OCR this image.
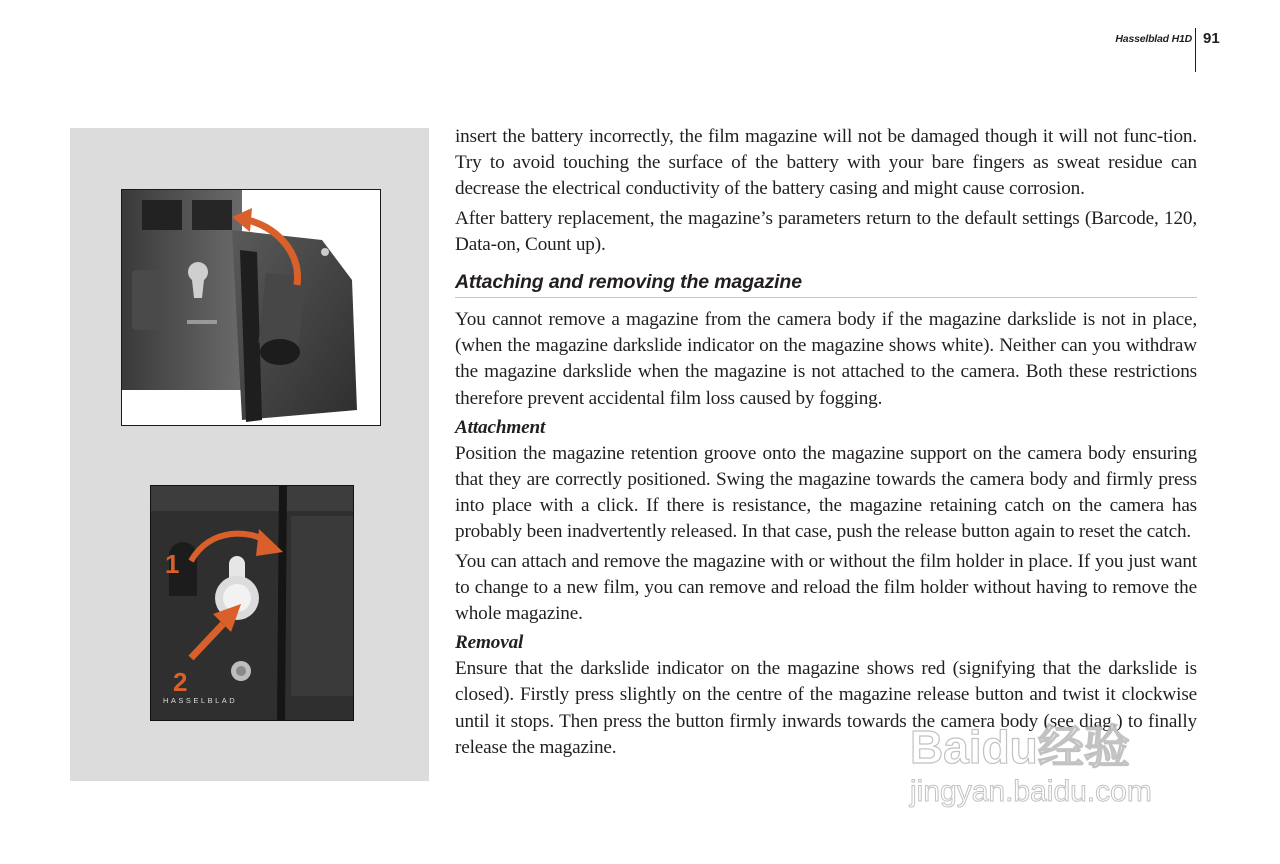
Hasselblad H1D 91
HASSELBLAD
1
2

insert the battery incorrectly, the film magazine will not be damaged though it will not func-tion. Try to avoid touching the surface of the battery with your bare fingers as sweat residue can decrease the electrical conductivity of the battery casing and might cause corrosion.

After battery replacement, the magazine’s parameters return to the default settings (Barcode, 120, Data-on, Count up).

Attaching and removing the magazine

You cannot remove a magazine from the camera body if the magazine darkslide is not in place, (when the magazine darkslide indicator on the magazine shows white). Neither can you withdraw the magazine darkslide when the magazine is not attached to the camera. Both these restrictions therefore prevent accidental film loss caused by fogging.

Attachment

Position the magazine retention groove onto the magazine support on the camera body ensuring that they are correctly positioned. Swing the magazine towards the camera body and firmly press into place with a click. If there is resistance, the magazine retaining catch on the camera has probably been inadvertently released. In that case, push the release button again to reset the catch.

You can attach and remove the magazine with or without the film holder in place. If you just want to change to a new film, you can remove and reload the film holder without having to remove the whole magazine.

Removal

Ensure that the darkslide indicator on the magazine shows red (signifying that the darkslide is closed). Firstly press slightly on the centre of the magazine release button and twist it clockwise until it stops. Then press the button firmly inwards towards the camera body (see diag.) to finally release the magazine.	Baidu经验
jingyan.baidu.com
